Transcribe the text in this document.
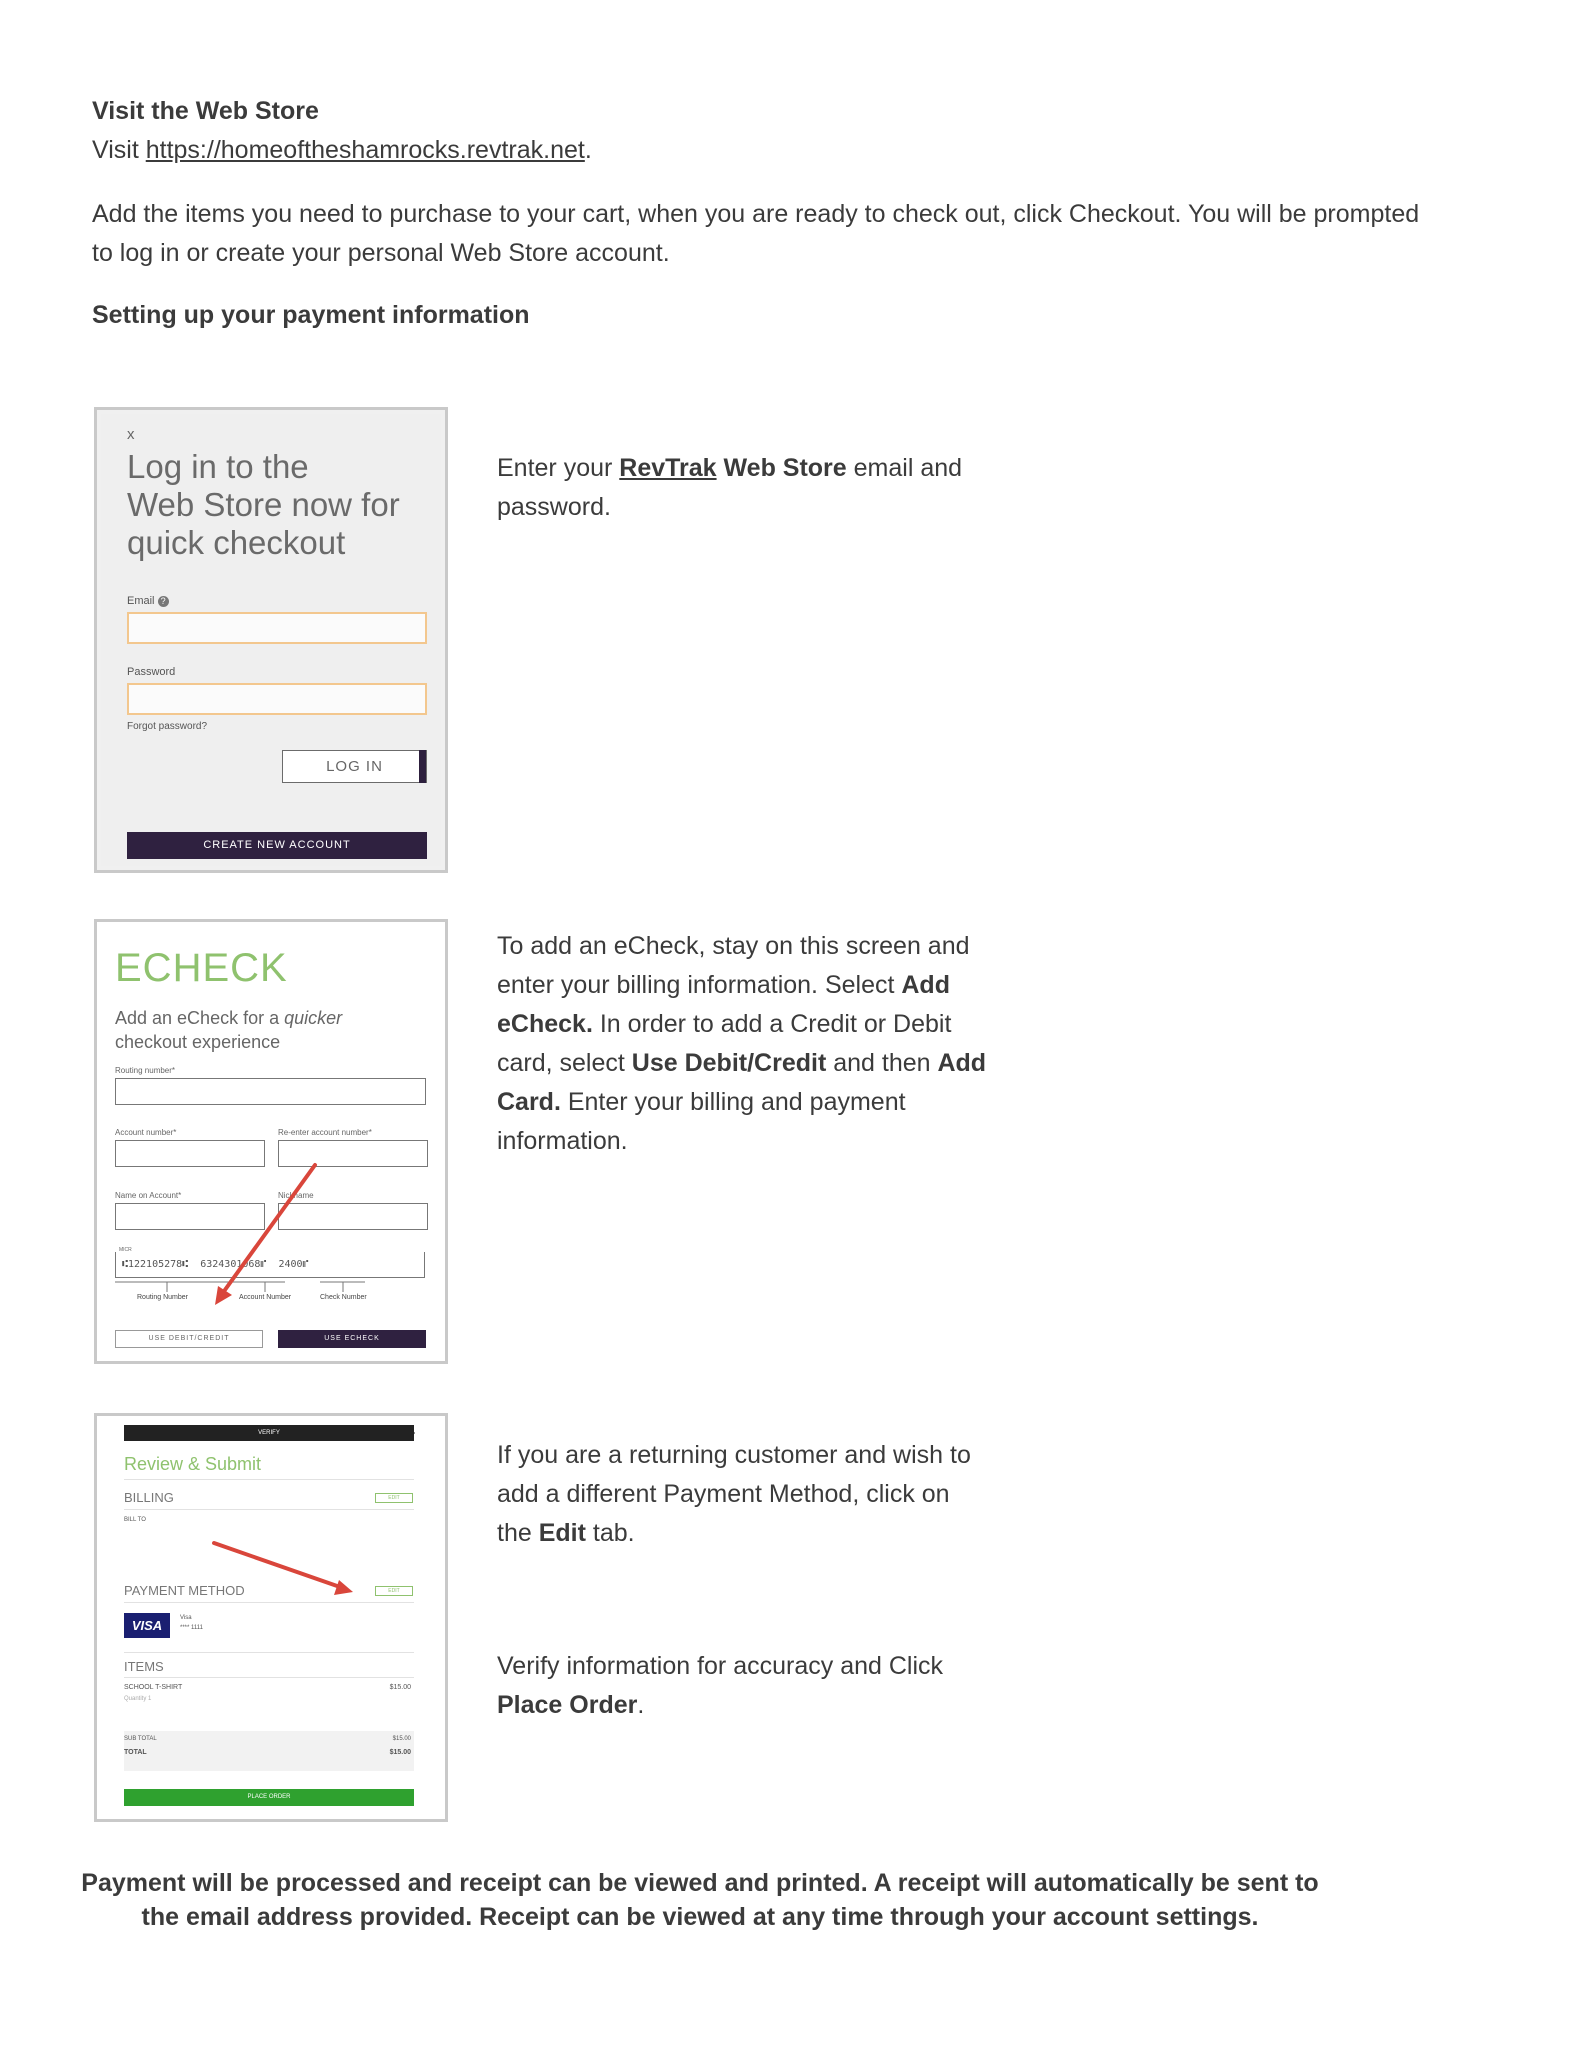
Visit the Web Store
Visit https://homeoftheshamrocks.revtrak.net.
Add the items you need to purchase to your cart, when you are ready to check out, click Checkout. You will be prompted
to log in or create your personal Web Store account.
Setting up your payment information
x
Log in to the
Web Store now for
quick checkout
Email ?
Password
Forgot password?
LOG IN
CREATE NEW ACCOUNT
Enter your RevTrak Web Store email and
password.
ECHECK
Add an eCheck for a quicker
checkout experience
Routing number*
Account number*	Re-enter account number*
Name on Account*	Nickname
MICR
⑆122105278⑆  6324301068⑈  2400⑈
Routing Number	Account Number	Check Number
USE DEBIT/CREDIT	USE ECHECK
To add an eCheck, stay on this screen and
enter your billing information. Select Add
eCheck. In order to add a Credit or Debit
card, select Use Debit/Credit and then Add
Card. Enter your billing and payment
information.
VERIFY
Review & Submit
BILLING	EDIT
BILL TO
PAYMENT METHOD	EDIT
VISA	Visa
**** 1111
ITEMS
SCHOOL T-SHIRT
Quantity 1
$15.00
SUB TOTAL	$15.00
TOTAL	$15.00
PLACE ORDER
If you are a returning customer and wish to
add a different Payment Method, click on
the Edit tab.
Verify information for accuracy and Click
Place Order.
Payment will be processed and receipt can be viewed and printed. A receipt will automatically be sent to
the email address provided. Receipt can be viewed at any time through your account settings.
